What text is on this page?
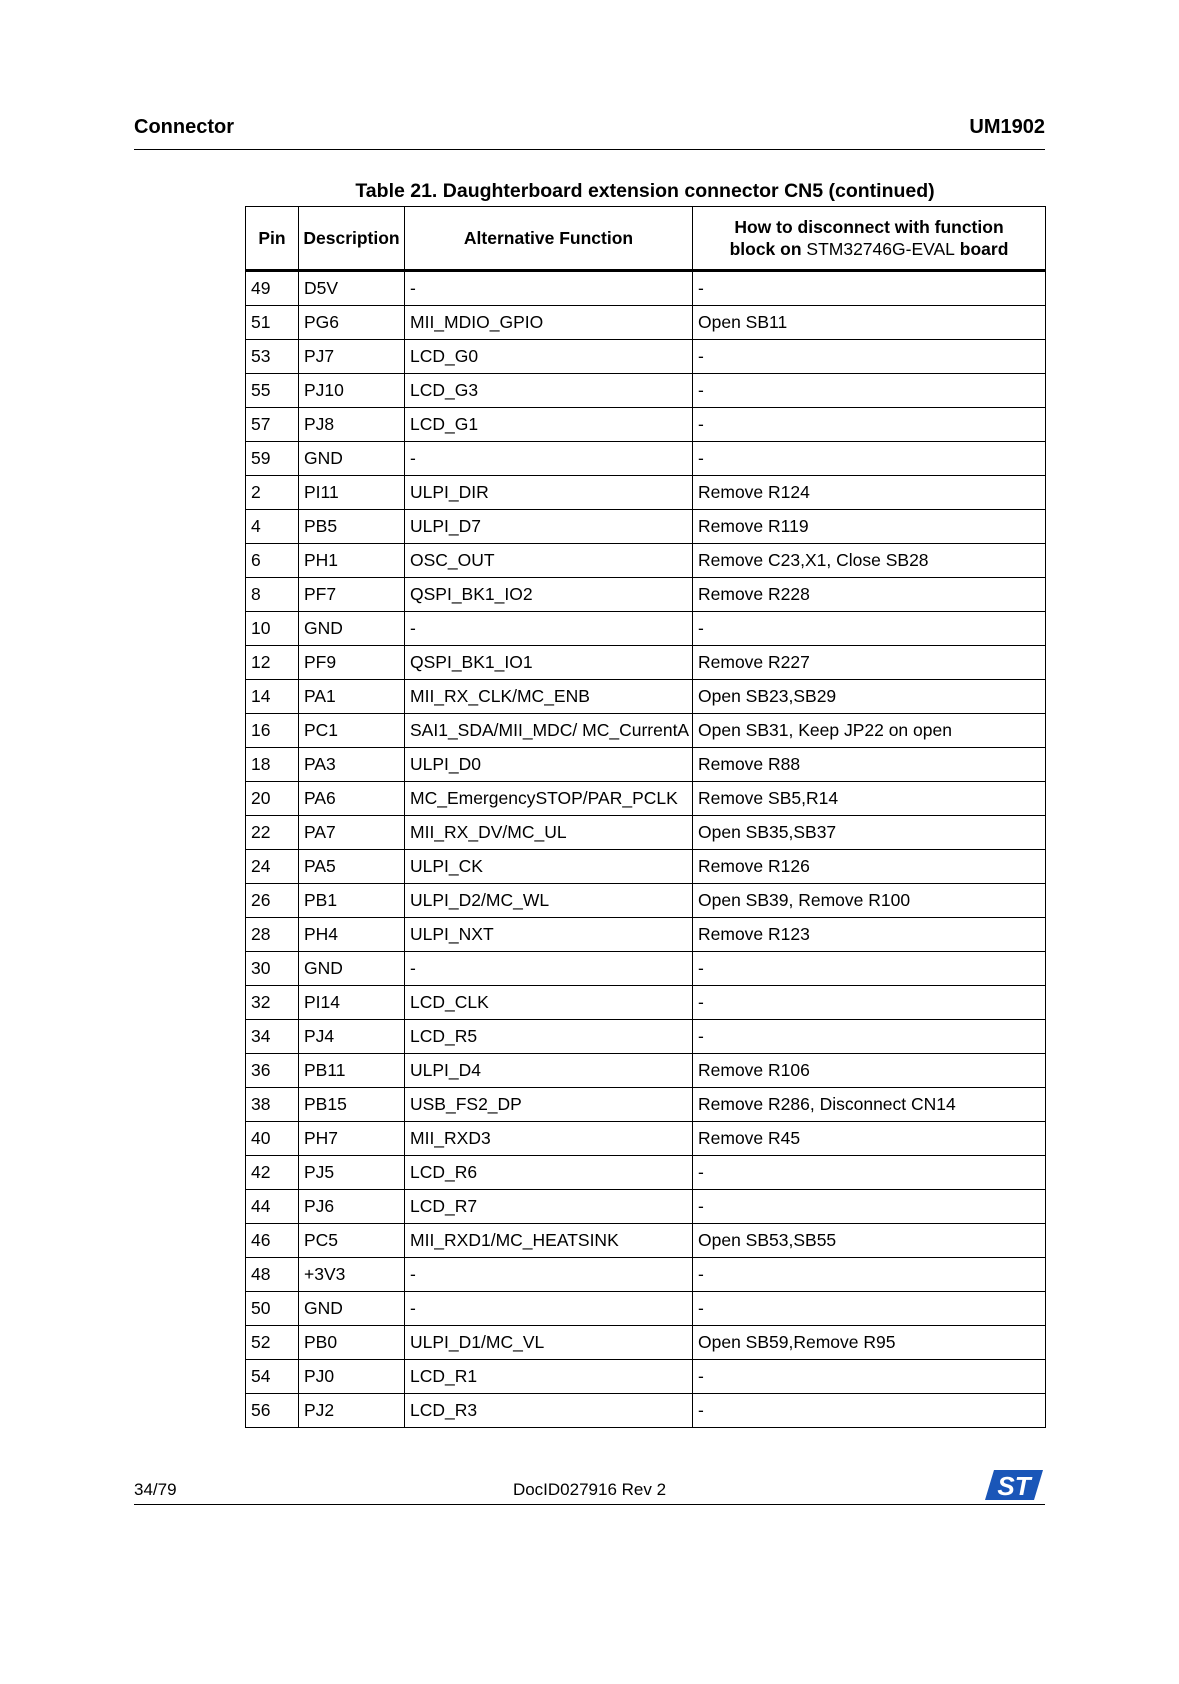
Connector	UM1902
Table 21. Daughterboard extension connector CN5 (continued)
Pin	Description	Alternative Function	How to disconnect with function
block on STM32746G-EVAL board
49	D5V	-	-
51	PG6	MII_MDIO_GPIO	Open SB11
53	PJ7	LCD_G0	-
55	PJ10	LCD_G3	-
57	PJ8	LCD_G1	-
59	GND	-	-
2	PI11	ULPI_DIR	Remove R124
4	PB5	ULPI_D7	Remove R119
6	PH1	OSC_OUT	Remove C23,X1, Close SB28
8	PF7	QSPI_BK1_IO2	Remove R228
10	GND	-	-
12	PF9	QSPI_BK1_IO1	Remove R227
14	PA1	MII_RX_CLK/MC_ENB	Open SB23,SB29
16	PC1	SAI1_SDA/MII_MDC/ MC_CurrentA	Open SB31, Keep JP22 on open
18	PA3	ULPI_D0	Remove R88
20	PA6	MC_EmergencySTOP/PAR_PCLK	Remove SB5,R14
22	PA7	MII_RX_DV/MC_UL	Open SB35,SB37
24	PA5	ULPI_CK	Remove R126
26	PB1	ULPI_D2/MC_WL	Open SB39, Remove R100
28	PH4	ULPI_NXT	Remove R123
30	GND	-	-
32	PI14	LCD_CLK	-
34	PJ4	LCD_R5	-
36	PB11	ULPI_D4	Remove R106
38	PB15	USB_FS2_DP	Remove R286, Disconnect CN14
40	PH7	MII_RXD3	Remove R45
42	PJ5	LCD_R6	-
44	PJ6	LCD_R7	-
46	PC5	MII_RXD1/MC_HEATSINK	Open SB53,SB55
48	+3V3	-	-
50	GND	-	-
52	PB0	ULPI_D1/MC_VL	Open SB59,Remove R95
54	PJ0	LCD_R1	-
56	PJ2	LCD_R3	-
34/79	DocID027916 Rev 2	ST
